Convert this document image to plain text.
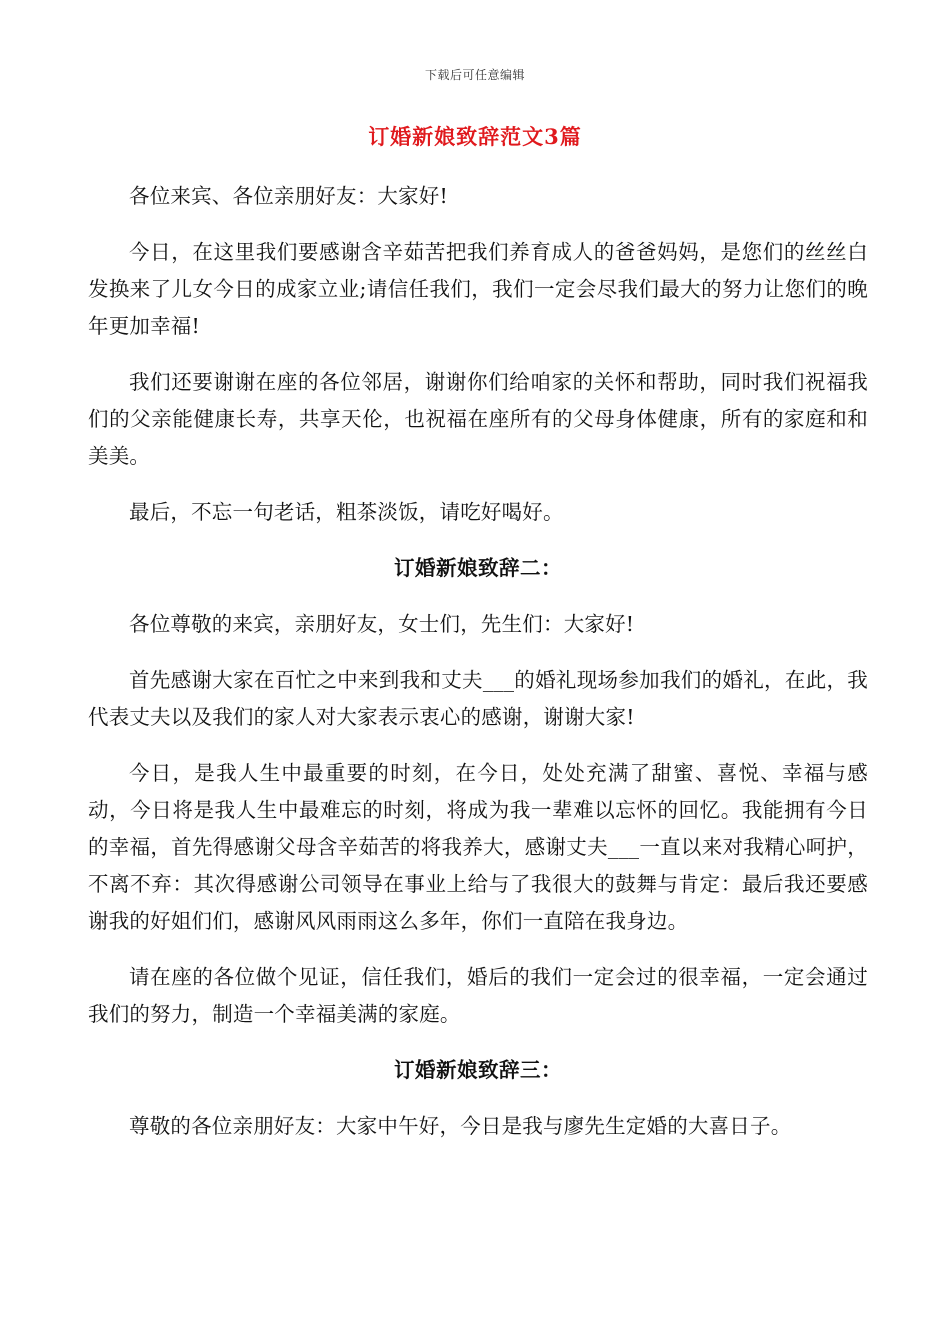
下载后可任意编辑
订婚新娘致辞范文3篇

各位来宾、各位亲朋好友：大家好!

今日，在这里我们要感谢含辛茹苦把我们养育成人的爸爸妈妈，是您们的丝丝白发换来了儿女今日的成家立业;请信任我们，我们一定会尽我们最大的努力让您们的晚年更加幸福!

我们还要谢谢在座的各位邻居，谢谢你们给咱家的关怀和帮助，同时我们祝福我们的父亲能健康长寿，共享天伦，也祝福在座所有的父母身体健康，所有的家庭和和美美。

最后，不忘一句老话，粗茶淡饭，请吃好喝好。

订婚新娘致辞二：

各位尊敬的来宾，亲朋好友，女士们，先生们：大家好!

首先感谢大家在百忙之中来到我和丈夫___的婚礼现场参加我们的婚礼，在此，我代表丈夫以及我们的家人对大家表示衷心的感谢，谢谢大家!

今日，是我人生中最重要的时刻，在今日，处处充满了甜蜜、喜悦、幸福与感动，今日将是我人生中最难忘的时刻，将成为我一辈难以忘怀的回忆。我能拥有今日的幸福，首先得感谢父母含辛茹苦的将我养大，感谢丈夫___一直以来对我精心呵护，不离不弃：其次得感谢公司领导在事业上给与了我很大的鼓舞与肯定：最后我还要感谢我的好姐们们，感谢风风雨雨这么多年，你们一直陪在我身边。

请在座的各位做个见证，信任我们，婚后的我们一定会过的很幸福，一定会通过我们的努力，制造一个幸福美满的家庭。

订婚新娘致辞三：

尊敬的各位亲朋好友：大家中午好，今日是我与廖先生定婚的大喜日子。
